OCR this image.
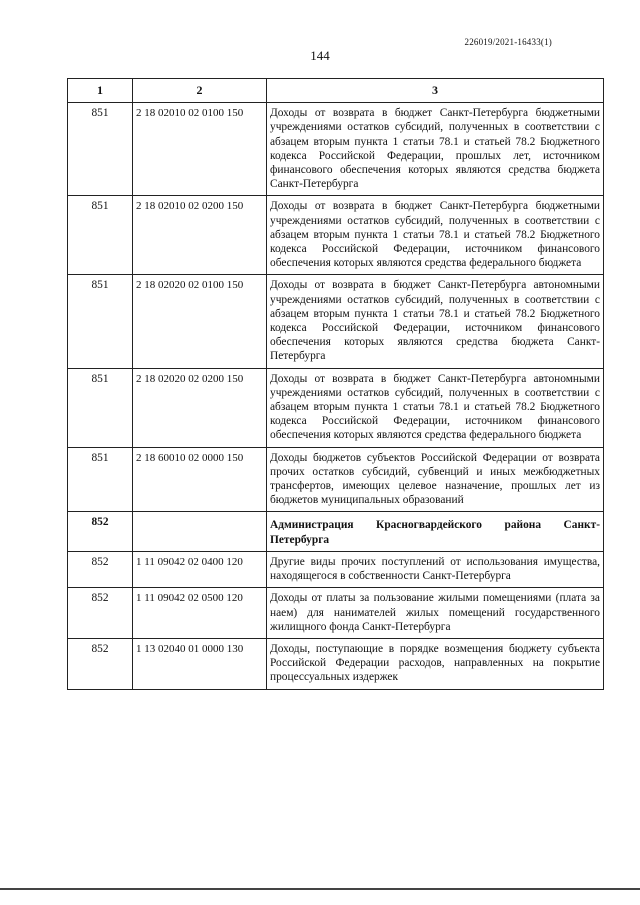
226019/2021-16433(1)
144
1	2	3
851	2 18 02010 02 0100 150	Доходы от возврата в бюджет Санкт-Петербурга бюджетными учреждениями остатков субсидий, полученных в соответствии с абзацем вторым пункта 1 статьи 78.1 и статьей 78.2 Бюджетного кодекса Российской Федерации, прошлых лет, источником финансового обеспечения которых являются средства бюджета Санкт-Петербурга
851	2 18 02010 02 0200 150	Доходы от возврата в бюджет Санкт-Петербурга бюджетными учреждениями остатков субсидий, полученных в соответствии с абзацем вторым пункта 1 статьи 78.1 и статьей 78.2 Бюджетного кодекса Российской Федерации, источником финансового обеспечения которых являются средства федерального бюджета
851	2 18 02020 02 0100 150	Доходы от возврата в бюджет Санкт-Петербурга автономными учреждениями остатков субсидий, полученных в соответствии с абзацем вторым пункта 1 статьи 78.1 и статьей 78.2 Бюджетного кодекса Российской Федерации, источником финансового обеспечения которых являются средства бюджета Санкт-Петербурга
851	2 18 02020 02 0200 150	Доходы от возврата в бюджет Санкт-Петербурга автономными учреждениями остатков субсидий, полученных в соответствии с абзацем вторым пункта 1 статьи 78.1 и статьей 78.2 Бюджетного кодекса Российской Федерации, источником финансового обеспечения которых являются средства федерального бюджета
851	2 18 60010 02 0000 150	Доходы бюджетов субъектов Российской Федерации от возврата прочих остатков субсидий, субвенций и иных межбюджетных трансфертов, имеющих целевое назначение, прошлых лет из бюджетов муниципальных образований
852		Администрация Красногвардейского района Санкт-Петербурга
852	1 11 09042 02 0400 120	Другие виды прочих поступлений от использования имущества, находящегося в собственности Санкт-Петербурга
852	1 11 09042 02 0500 120	Доходы от платы за пользование жилыми помещениями (плата за наем) для нанимателей жилых помещений государственного жилищного фонда Санкт-Петербурга
852	1 13 02040 01 0000 130	Доходы, поступающие в порядке возмещения бюджету субъекта Российской Федерации расходов, направленных на покрытие процессуальных издержек
